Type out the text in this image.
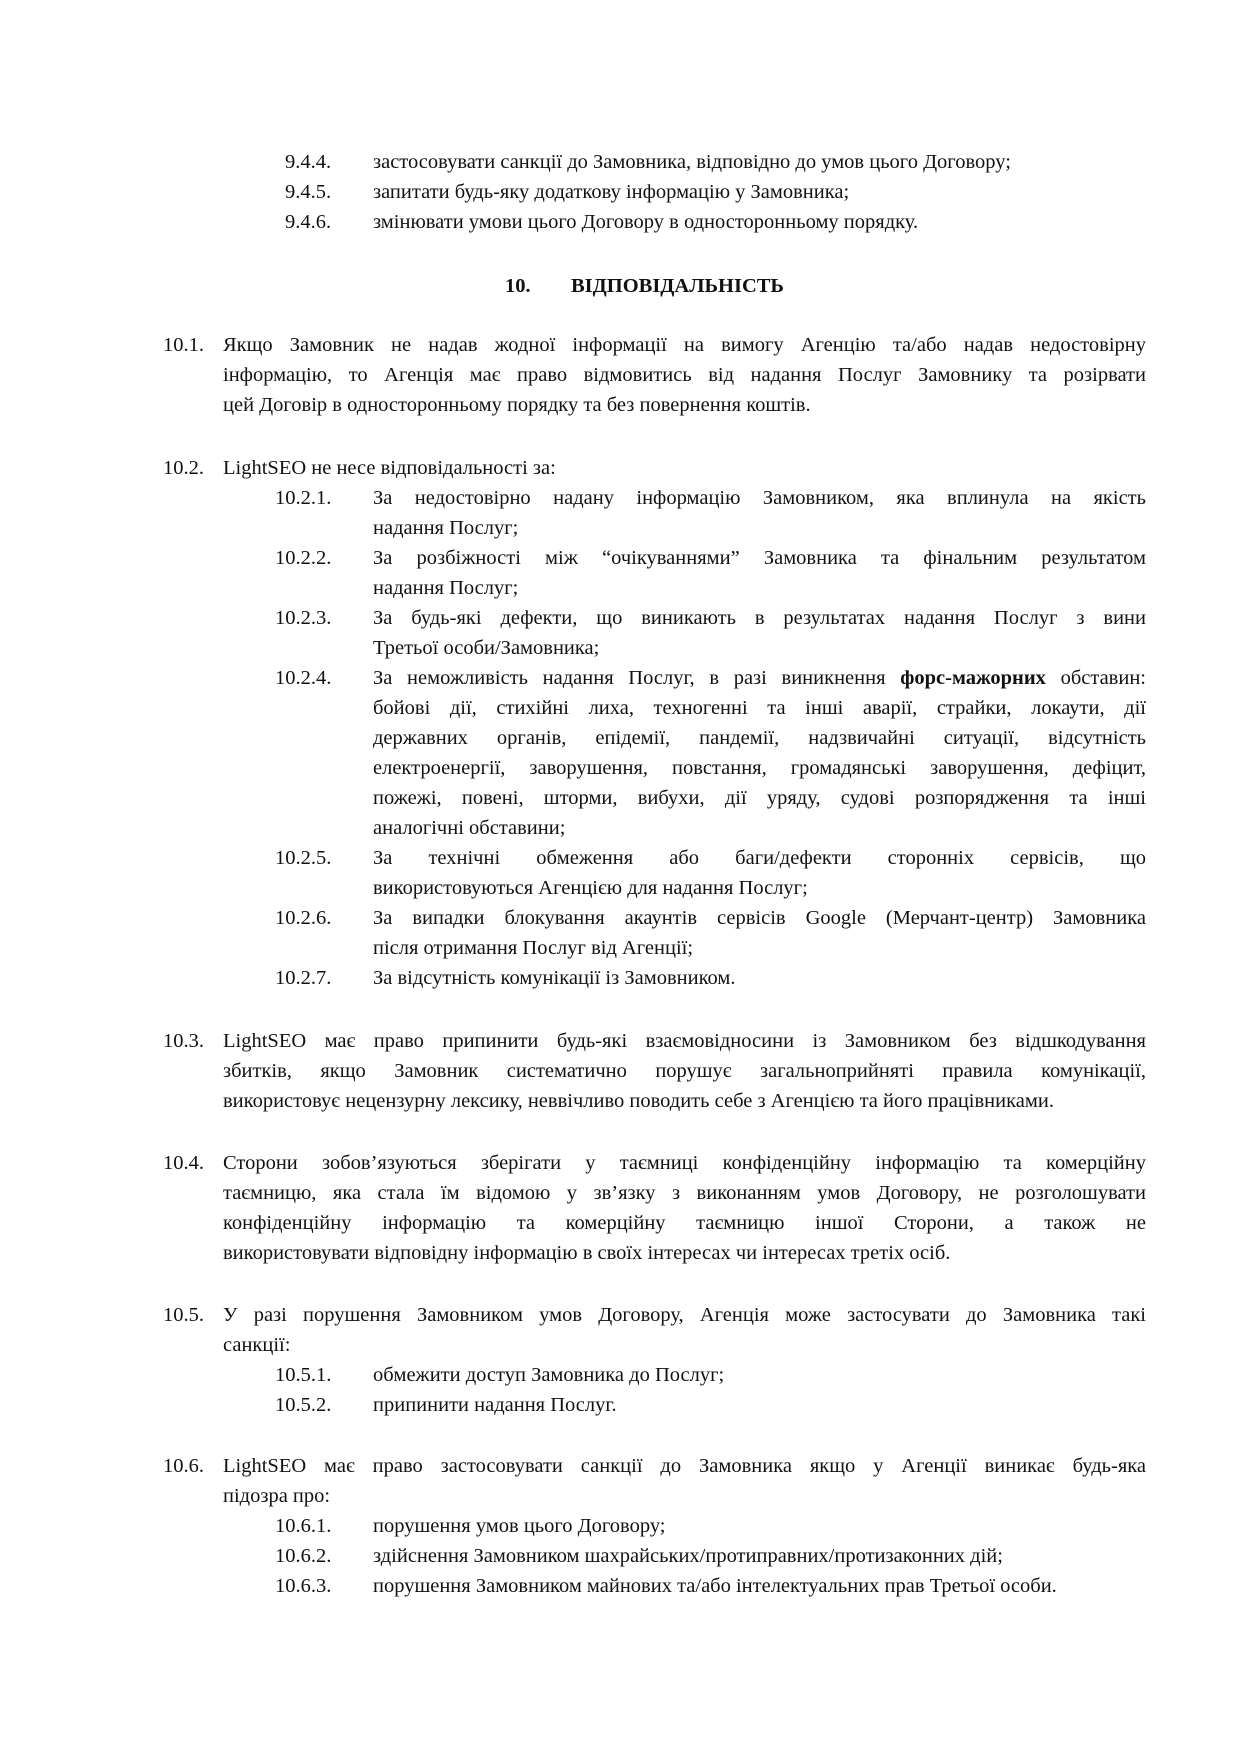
9.4.4. застосовувати санкції до Замовника, відповідно до умов цього Договору;
9.4.5. запитати будь-яку додаткову інформацію у Замовника;
9.4.6. змінювати умови цього Договору в односторонньому порядку.
10. ВІДПОВІДАЛЬНІСТЬ
10.1. Якщо Замовник не надав жодної інформації на вимогу Агенцію та/або надав недостовірну
інформацію, то Агенція має право відмовитись від надання Послуг Замовнику та розірвати
цей Договір в односторонньому порядку та без повернення коштів.
10.2. LightSEO не несе відповідальності за:
10.2.1. За недостовірно надану інформацію Замовником, яка вплинула на якість
надання Послуг;
10.2.2. За розбіжності між “очікуваннями” Замовника та фінальним результатом
надання Послуг;
10.2.3. За будь-які дефекти, що виникають в результатах надання Послуг з вини
Третьої особи/Замовника;
10.2.4. За неможливість надання Послуг, в разі виникнення форс-мажорних обставин:
бойові дії, стихійні лиха, техногенні та інші аварії, страйки, локаути, дії
державних органів, епідемії, пандемії, надзвичайні ситуації, відсутність
електроенергії, заворушення, повстання, громадянські заворушення, дефіцит,
пожежі, повені, шторми, вибухи, дії уряду, судові розпорядження та інші
аналогічні обставини;
10.2.5. За технічні обмеження або баги/дефекти сторонніх сервісів, що
використовуються Агенцією для надання Послуг;
10.2.6. За випадки блокування акаунтів сервісів Google (Мерчант-центр) Замовника
після отримання Послуг від Агенції;
10.2.7. За відсутність комунікації із Замовником.
10.3. LightSEO має право припинити будь-які взаємовідносини із Замовником без відшкодування
збитків, якщо Замовник систематично порушує загальноприйняті правила комунікації,
використовує нецензурну лексику, неввічливо поводить себе з Агенцією та його працівниками.
10.4. Сторони зобов’язуються зберігати у таємниці конфіденційну інформацію та комерційну
таємницю, яка стала їм відомою у зв’язку з виконанням умов Договору, не розголошувати
конфіденційну інформацію та комерційну таємницю іншої Сторони, а також не
використовувати відповідну інформацію в своїх інтересах чи інтересах третіх осіб.
10.5. У разі порушення Замовником умов Договору, Агенція може застосувати до Замовника такі
санкції:
10.5.1. обмежити доступ Замовника до Послуг;
10.5.2. припинити надання Послуг.
10.6. LightSEO має право застосовувати санкції до Замовника якщо у Агенції виникає будь-яка
підозра про:
10.6.1. порушення умов цього Договору;
10.6.2. здійснення Замовником шахрайських/протиправних/протизаконних дій;
10.6.3. порушення Замовником майнових та/або інтелектуальних прав Третьої особи.
